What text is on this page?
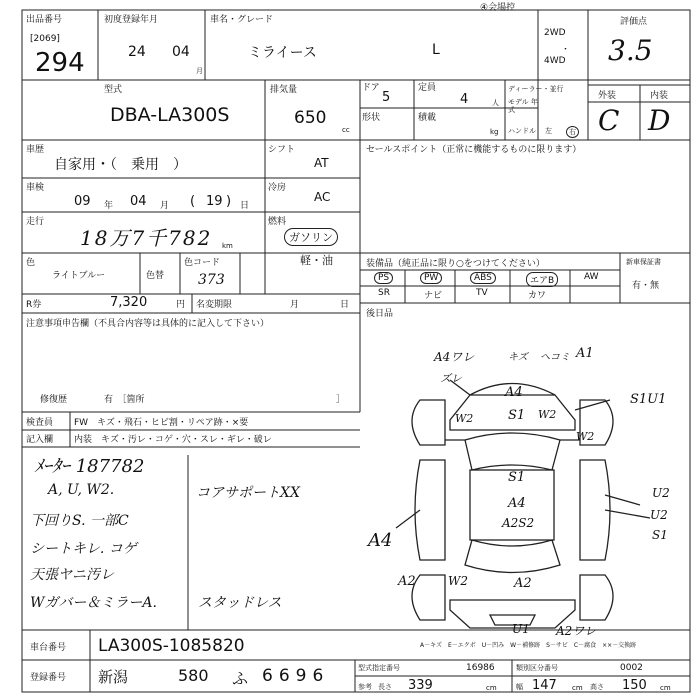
④会場控
出品番号
[2069]
294
初度登録年月
24 04
月
車名・グレード
ミライース	L
2WD
・
4WD
評価点
3.5
外装	内装
C D
型式
DBA-LA300S
排気量
650
cc
ドア
5
形状
定員
4	人
積載
kg
ディーラー・並行
モデル 年式
ハンドル 左	右
車歴
自家用・（　乗用　）
シフト
AT
車検
09 年 04 月 ( 19 ) 日
冷房
AC
走行
18万7千782 km
燃料
ガソリン
軽・油
色
ライトブルー	色替
色コード
373
R券	7,320	円 名変期限	月	日
注意事項申告欄（不具合内容等は具体的に記入して下さい）
修復歴	有　［箇所	］
セールスポイント（正常に機能するものに限ります）
装備品（純正品に限り○をつけてください）	新車保証書
PS	PW	ABS	エアB	AW
SR	ナビ	TV	カワ
有・無
後日品
検査員 FW　キズ・飛石・ヒビ割・リペア跡・×要
記入欄 内装　キズ・汚レ・コゲ・穴・スレ・ギレ・破レ
ﾒｰﾀｰ 187782
A, U, W2.
下回りS. 一部C
シートキレ. コゲ
天張ヤニ汚レ
Wガバー＆ミラーA.
コアサポートXX
スタッドレス
A4ワレ	キズ ヘコミ A1
ズレ
A4
W2	S1 W2
S1U1
W2
S1
A4
U2
A2S2
U2
S1
A4
A2	W2	A2
U1 A2ワレ
A－キズ　E－エクボ　U－凹み　W－補修跡　S－サビ　C－腐食　××－交換跡
車台番号 LA300S-1085820
登録番号 新潟	580 ふ 6696	型式指定番号	16986	類別区分番号	0002
参考 長さ 339	cm	幅 147 cm 高さ 150 cm
